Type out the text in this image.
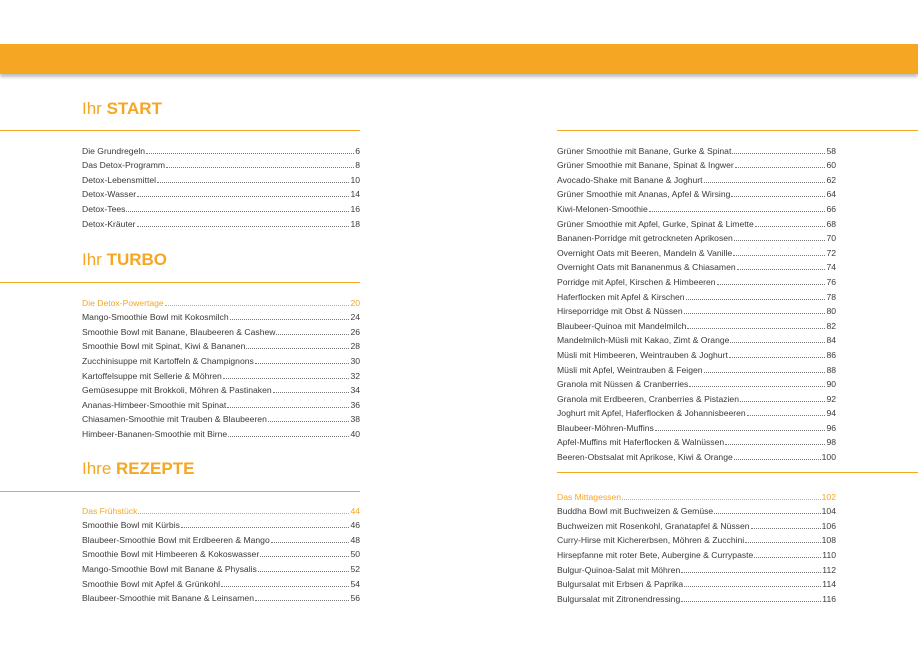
Ihr START
Die Grundregeln	6
Das Detox-Programm	8
Detox-Lebensmittel	10
Detox-Wasser	14
Detox-Tees	16
Detox-Kräuter	18
Ihr TURBO
Die Detox-Powertage	20
Mango-Smoothie Bowl mit Kokosmilch	24
Smoothie Bowl mit Banane, Blaubeeren & Cashew	26
Smoothie Bowl mit Spinat, Kiwi & Bananen	28
Zucchinisuppe mit Kartoffeln & Champignons	30
Kartoffelsuppe mit Sellerie & Möhren	32
Gemüsesuppe mit Brokkoli, Möhren & Pastinaken	34
Ananas-Himbeer-Smoothie mit Spinat	36
Chiasamen-Smoothie mit Trauben & Blaubeeren	38
Himbeer-Bananen-Smoothie mit Birne	40
Ihre REZEPTE
Das Frühstück	44
Smoothie Bowl mit Kürbis	46
Blaubeer-Smoothie Bowl mit Erdbeeren & Mango	48
Smoothie Bowl mit Himbeeren & Kokoswasser	50
Mango-Smoothie Bowl mit Banane & Physalis	52
Smoothie Bowl mit Apfel & Grünkohl	54
Blaubeer-Smoothie mit Banane & Leinsamen	56
Grüner Smoothie mit Banane, Gurke & Spinat	58
Grüner Smoothie mit Banane, Spinat & Ingwer	60
Avocado-Shake mit Banane & Joghurt	62
Grüner Smoothie mit Ananas, Apfel & Wirsing	64
Kiwi-Melonen-Smoothie	66
Grüner Smoothie mit Apfel, Gurke, Spinat & Limette	68
Bananen-Porridge mit getrockneten Aprikosen	70
Overnight Oats mit Beeren, Mandeln & Vanille	72
Overnight Oats mit Bananenmus & Chiasamen	74
Porridge mit Apfel, Kirschen & Himbeeren	76
Haferflocken mit Apfel & Kirschen	78
Hirseporridge mit Obst & Nüssen	80
Blaubeer-Quinoa mit Mandelmilch	82
Mandelmilch-Müsli mit Kakao, Zimt & Orange	84
Müsli mit Himbeeren, Weintrauben & Joghurt	86
Müsli mit Apfel, Weintrauben & Feigen	88
Granola mit Nüssen & Cranberries	90
Granola mit Erdbeeren, Cranberries & Pistazien	92
Joghurt mit Apfel, Haferflocken & Johannisbeeren	94
Blaubeer-Möhren-Muffins	96
Apfel-Muffins mit Haferflocken & Walnüssen	98
Beeren-Obstsalat mit Aprikose, Kiwi & Orange	100
Das Mittagessen	102
Buddha Bowl mit Buchweizen & Gemüse	104
Buchweizen mit Rosenkohl, Granatapfel & Nüssen	106
Curry-Hirse mit Kichererbsen, Möhren & Zucchini	108
Hirsepfanne mit roter Bete, Aubergine & Currypaste	110
Bulgur-Quinoa-Salat mit Möhren	112
Bulgursalat mit Erbsen & Paprika	114
Bulgursalat mit Zitronendressing	116
